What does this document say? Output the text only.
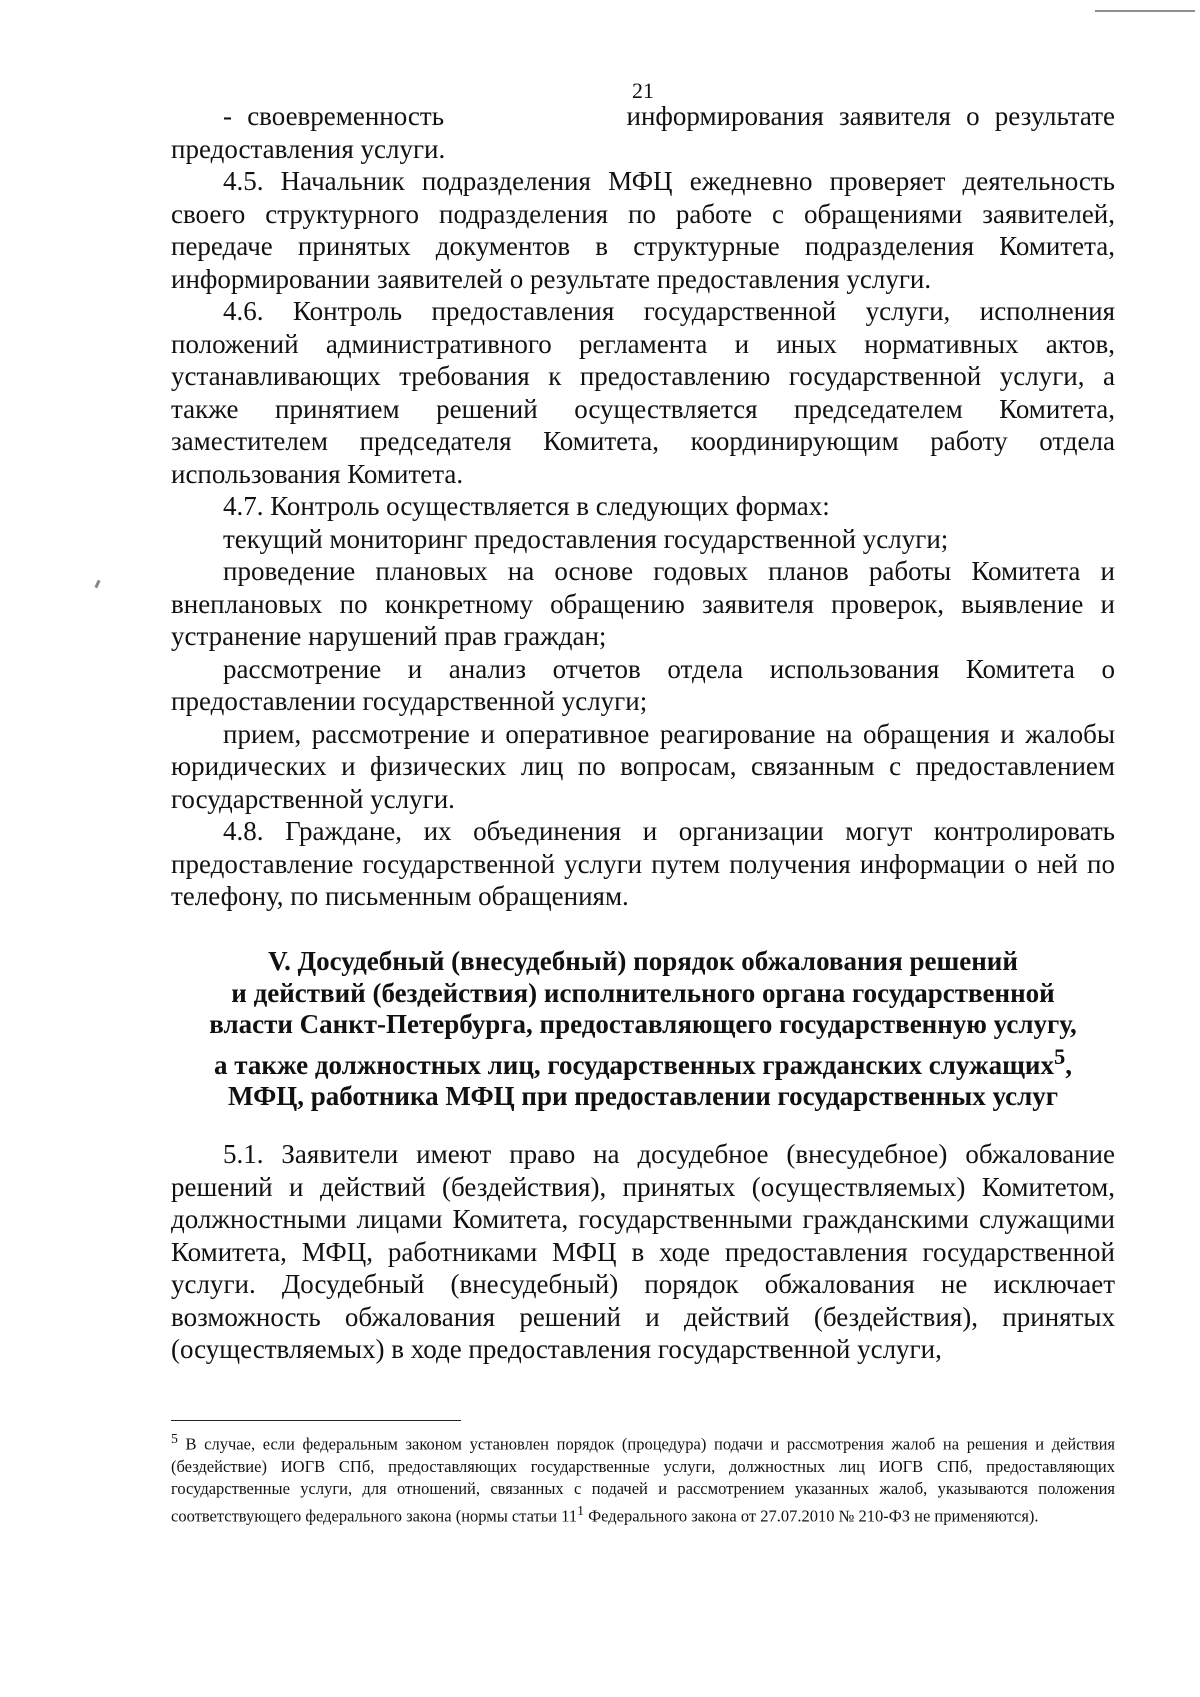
21

- своевременность            информирования заявителя о результате

предоставления услуги.

4.5. Начальник подразделения МФЦ ежедневно проверяет деятельность своего структурного подразделения по работе с обращениями заявителей, передаче принятых документов в структурные подразделения Комитета, информировании заявителей о результате предоставления услуги.

4.6. Контроль предоставления государственной услуги, исполнения положений административного регламента и иных нормативных актов, устанавливающих требования к предоставлению государственной услуги, а также принятием решений осуществляется председателем Комитета, заместителем председателя Комитета, координирующим работу отдела использования Комитета.

4.7. Контроль осуществляется в следующих формах:

текущий мониторинг предоставления государственной услуги;

проведение плановых на основе годовых планов работы Комитета и внеплановых по конкретному обращению заявителя проверок, выявление и устранение нарушений прав граждан;

рассмотрение и анализ отчетов отдела использования Комитета о предоставлении государственной услуги;

прием, рассмотрение и оперативное реагирование на обращения и жалобы юридических и физических лиц по вопросам, связанным с предоставлением государственной услуги.

4.8. Граждане, их объединения и организации могут контролировать предоставление государственной услуги путем получения информации о ней по телефону, по письменным обращениям.

V. Досудебный (внесудебный) порядок обжалования решений

и действий (бездействия) исполнительного органа государственной

власти Санкт-Петербурга, предоставляющего государственную услугу,

а также должностных лиц, государственных гражданских служащих$^5$,

МФЦ, работника МФЦ при предоставлении государственных услуг

5.1. Заявители имеют право на досудебное (внесудебное) обжалование решений и действий (бездействия), принятых (осуществляемых) Комитетом, должностными лицами Комитета, государственными гражданскими служащими Комитета, МФЦ, работниками МФЦ в ходе предоставления государственной услуги. Досудебный (внесудебный) порядок обжалования не исключает возможность обжалования решений и действий (бездействия), принятых (осуществляемых) в ходе предоставления государственной услуги,

$^5$ В случае, если федеральным законом установлен порядок (процедура) подачи и рассмотрения жалоб на решения и действия (бездействие) ИОГВ СПб, предоставляющих государственные услуги, должностных лиц ИОГВ СПб, предоставляющих государственные услуги, для отношений, связанных с подачей и рассмотрением указанных жалоб, указываются положения соответствующего федерального закона (нормы статьи $11^1$ Федерального закона от 27.07.2010 № 210-ФЗ не применяются).
